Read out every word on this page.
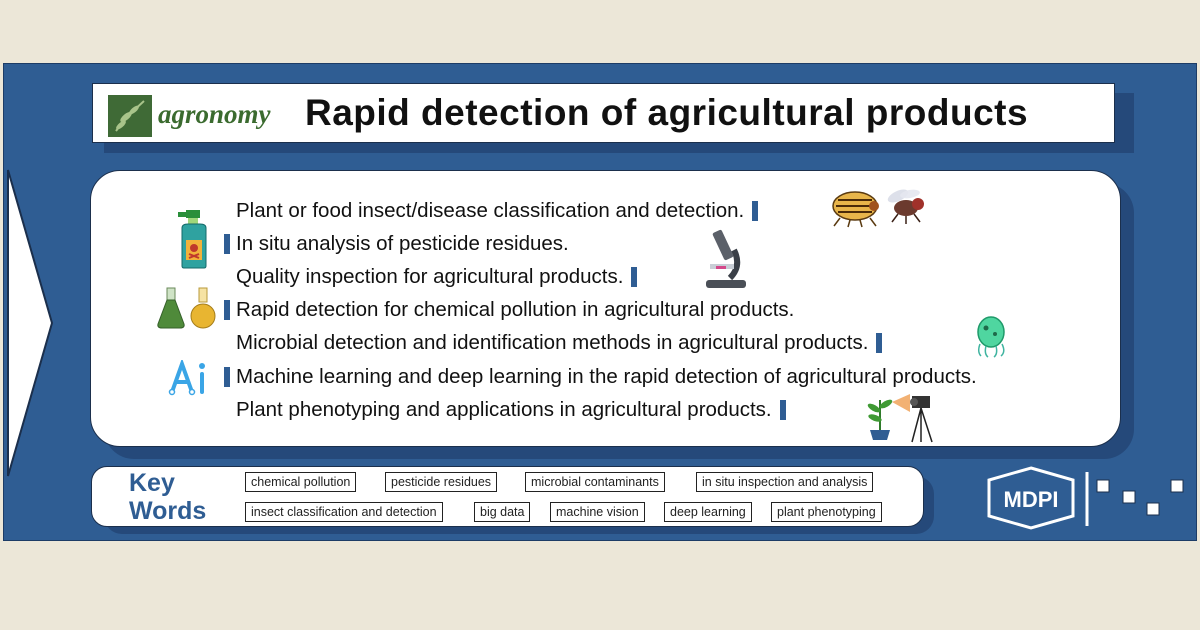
agronomy Rapid detection of agricultural products
Plant or food insect/disease classification and detection.
In situ analysis of pesticide residues.
Quality inspection for agricultural products.
Rapid detection for chemical pollution in agricultural products.
Microbial detection and identification methods in agricultural products.
Machine learning and deep learning in the rapid detection of agricultural products.
Plant phenotyping and applications in agricultural products.
Key
Words
chemical pollution	pesticide residues	microbial contaminants	in situ inspection and analysis
insect classification and detection	big data	machine vision	deep learning	plant phenotyping	MDPI
